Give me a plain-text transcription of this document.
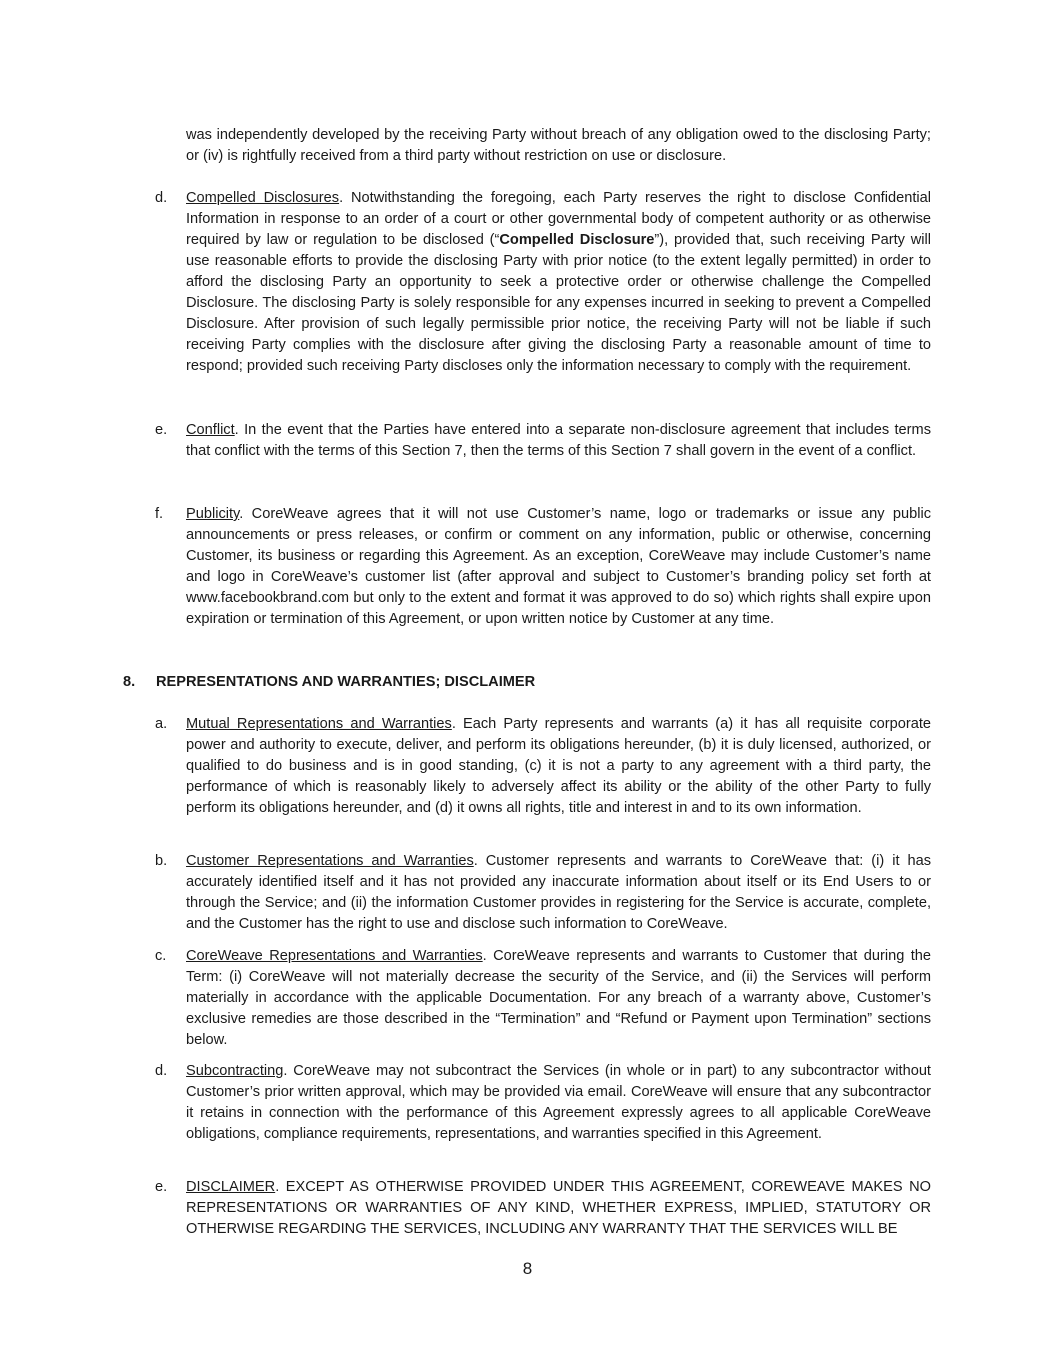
was independently developed by the receiving Party without breach of any obligation owed to the disclosing Party; or (iv) is rightfully received from a third party without restriction on use or disclosure.

d. Compelled Disclosures. Notwithstanding the foregoing, each Party reserves the right to disclose Confidential Information in response to an order of a court or other governmental body of competent authority or as otherwise required by law or regulation to be disclosed (“Compelled Disclosure”), provided that, such receiving Party will use reasonable efforts to provide the disclosing Party with prior notice (to the extent legally permitted) in order to afford the disclosing Party an opportunity to seek a protective order or otherwise challenge the Compelled Disclosure. The disclosing Party is solely responsible for any expenses incurred in seeking to prevent a Compelled Disclosure. After provision of such legally permissible prior notice, the receiving Party will not be liable if such receiving Party complies with the disclosure after giving the disclosing Party a reasonable amount of time to respond; provided such receiving Party discloses only the information necessary to comply with the requirement.

e. Conflict. In the event that the Parties have entered into a separate non-disclosure agreement that includes terms that conflict with the terms of this Section 7, then the terms of this Section 7 shall govern in the event of a conflict.

f. Publicity. CoreWeave agrees that it will not use Customer’s name, logo or trademarks or issue any public announcements or press releases, or confirm or comment on any information, public or otherwise, concerning Customer, its business or regarding this Agreement. As an exception, CoreWeave may include Customer’s name and logo in CoreWeave’s customer list (after approval and subject to Customer’s branding policy set forth at www.facebookbrand.com but only to the extent and format it was approved to do so) which rights shall expire upon expiration or termination of this Agreement, or upon written notice by Customer at any time.

8. REPRESENTATIONS AND WARRANTIES; DISCLAIMER
a. Mutual Representations and Warranties. Each Party represents and warrants (a) it has all requisite corporate power and authority to execute, deliver, and perform its obligations hereunder, (b) it is duly licensed, authorized, or qualified to do business and is in good standing, (c) it is not a party to any agreement with a third party, the performance of which is reasonably likely to adversely affect its ability or the ability of the other Party to fully perform its obligations hereunder, and (d) it owns all rights, title and interest in and to its own information.

b. Customer Representations and Warranties. Customer represents and warrants to CoreWeave that: (i) it has accurately identified itself and it has not provided any inaccurate information about itself or its End Users to or through the Service; and (ii) the information Customer provides in registering for the Service is accurate, complete, and the Customer has the right to use and disclose such information to CoreWeave.

c. CoreWeave Representations and Warranties. CoreWeave represents and warrants to Customer that during the Term: (i) CoreWeave will not materially decrease the security of the Service, and (ii) the Services will perform materially in accordance with the applicable Documentation. For any breach of a warranty above, Customer’s exclusive remedies are those described in the “Termination” and “Refund or Payment upon Termination” sections below.

d. Subcontracting. CoreWeave may not subcontract the Services (in whole or in part) to any subcontractor without Customer’s prior written approval, which may be provided via email. CoreWeave will ensure that any subcontractor it retains in connection with the performance of this Agreement expressly agrees to all applicable CoreWeave obligations, compliance requirements, representations, and warranties specified in this Agreement.

e. DISCLAIMER. EXCEPT AS OTHERWISE PROVIDED UNDER THIS AGREEMENT, COREWEAVE MAKES NO REPRESENTATIONS OR WARRANTIES OF ANY KIND, WHETHER EXPRESS, IMPLIED, STATUTORY OR OTHERWISE REGARDING THE SERVICES, INCLUDING ANY WARRANTY THAT THE SERVICES WILL BE

8
